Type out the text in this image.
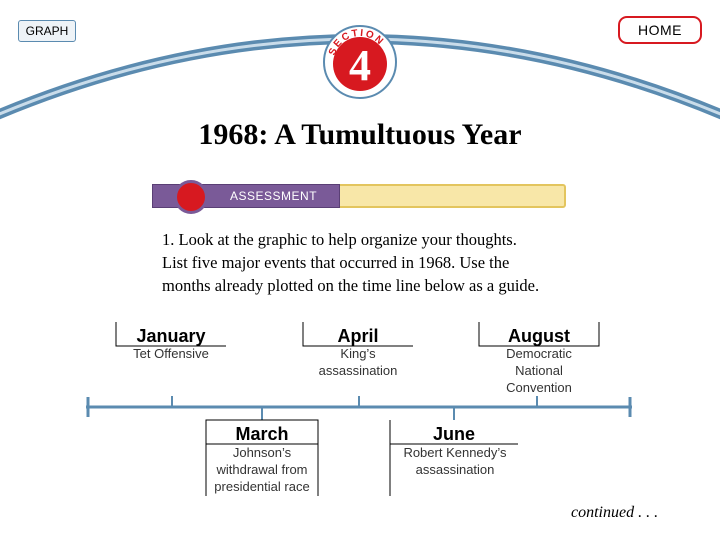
GRAPH	HOME
SECTION
4
1968: A Tumultuous Year
ASSESSMENT
1. Look at the graphic to help organize your thoughts.
List five major events that occurred in 1968. Use the
months already plotted on the time line below as a guide.
January
Tet Offensive
April
King’s assassination
August
Democratic National Convention
March
Johnson’s withdrawal from presidential race
June
Robert Kennedy’s assassination
continued . . .
